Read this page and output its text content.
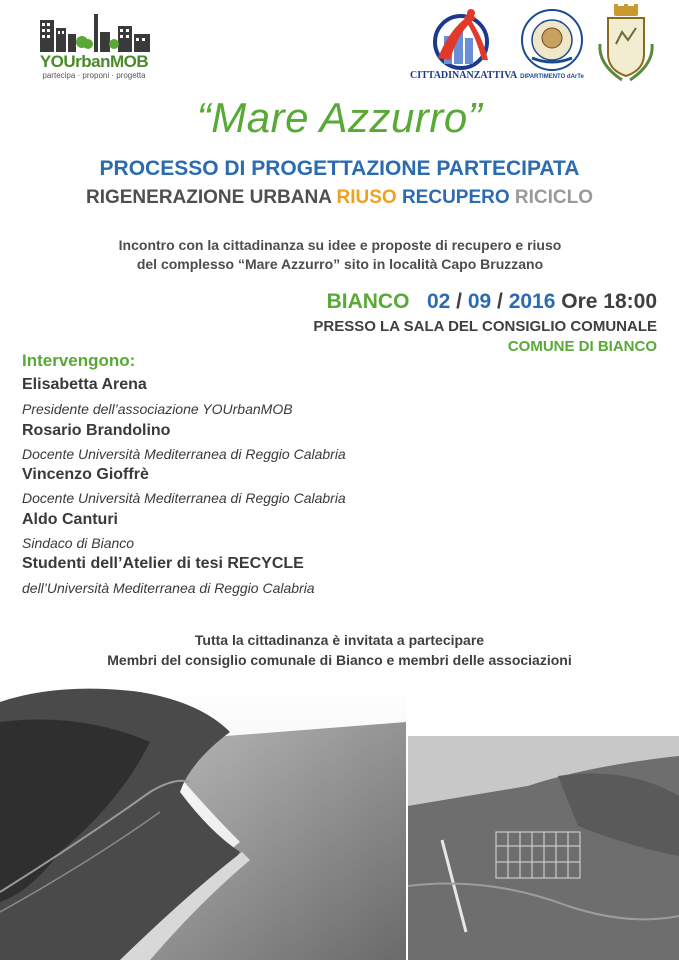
YOUrbanMOB
partecipa · proponi · progetta	CITTADINANZATTIVA DIPARTIMENTO dArTe
“Mare Azzurro”
PROCESSO DI PROGETTAZIONE PARTECIPATA
RIGENERAZIONE URBANA RIUSO RECUPERO RICICLO
Incontro con la cittadinanza su idee e proposte di recupero e riuso
del complesso “Mare Azzurro” sito in località Capo Bruzzano
BIANCO 02 / 09 / 2016 Ore 18:00
PRESSO LA SALA DEL CONSIGLIO COMUNALE
COMUNE DI BIANCO
Intervengono:
Elisabetta Arena
Presidente dell’associazione YOUrbanMOB
Rosario Brandolino
Docente Università Mediterranea di Reggio Calabria
Vincenzo Gioffrè
Docente Università Mediterranea di Reggio Calabria
Aldo Canturi
Sindaco di Bianco
Studenti dell’Atelier di tesi RECYCLE
dell’Università Mediterranea di Reggio Calabria
Tutta la cittadinanza è invitata a partecipare
Membri del consiglio comunale di Bianco e membri delle associazioni
